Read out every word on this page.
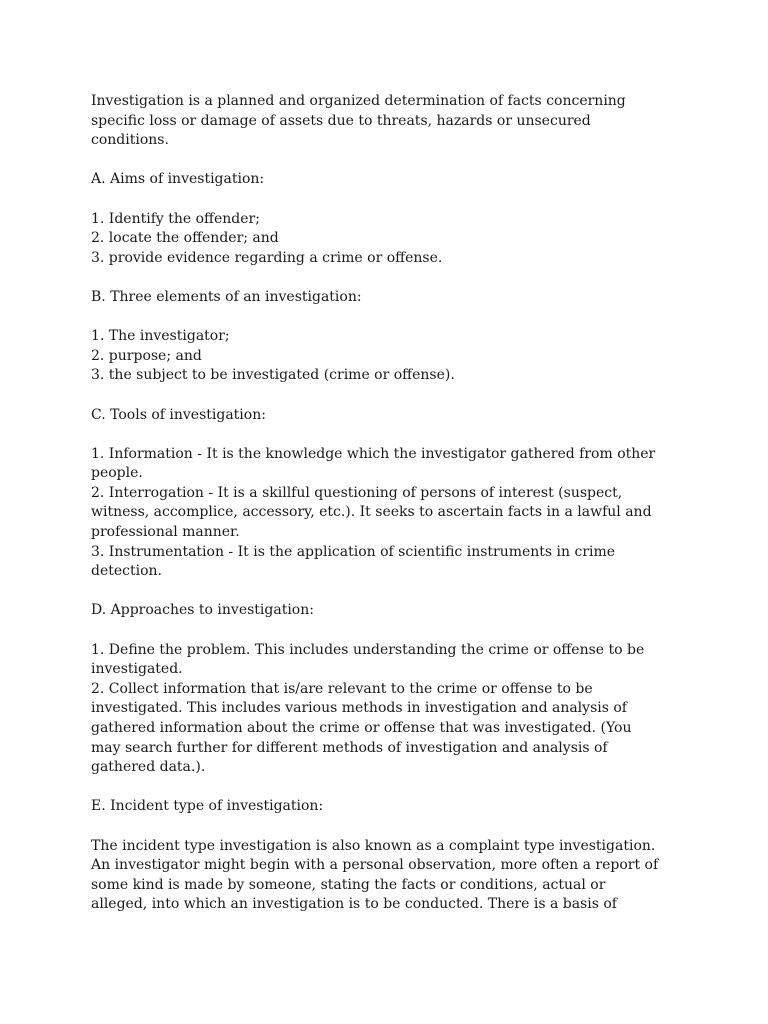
Investigation is a planned and organized determination of facts concerning
specific loss or damage of assets due to threats, hazards or unsecured
conditions.
A. Aims of investigation:
1. Identify the offender;
2. locate the offender; and
3. provide evidence regarding a crime or offense.
B. Three elements of an investigation:
1. The investigator;
2. purpose; and
3. the subject to be investigated (crime or offense).
C. Tools of investigation:
1. Information - It is the knowledge which the investigator gathered from other
people.
2. Interrogation - It is a skillful questioning of persons of interest (suspect,
witness, accomplice, accessory, etc.). It seeks to ascertain facts in a lawful and
professional manner.
3. Instrumentation - It is the application of scientific instruments in crime
detection.
D. Approaches to investigation:
1. Define the problem. This includes understanding the crime or offense to be
investigated.
2. Collect information that is/are relevant to the crime or offense to be
investigated. This includes various methods in investigation and analysis of
gathered information about the crime or offense that was investigated. (You
may search further for different methods of investigation and analysis of
gathered data.).
E. Incident type of investigation:
The incident type investigation is also known as a complaint type investigation.
An investigator might begin with a personal observation, more often a report of
some kind is made by someone, stating the facts or conditions, actual or
alleged, into which an investigation is to be conducted. There is a basis of
